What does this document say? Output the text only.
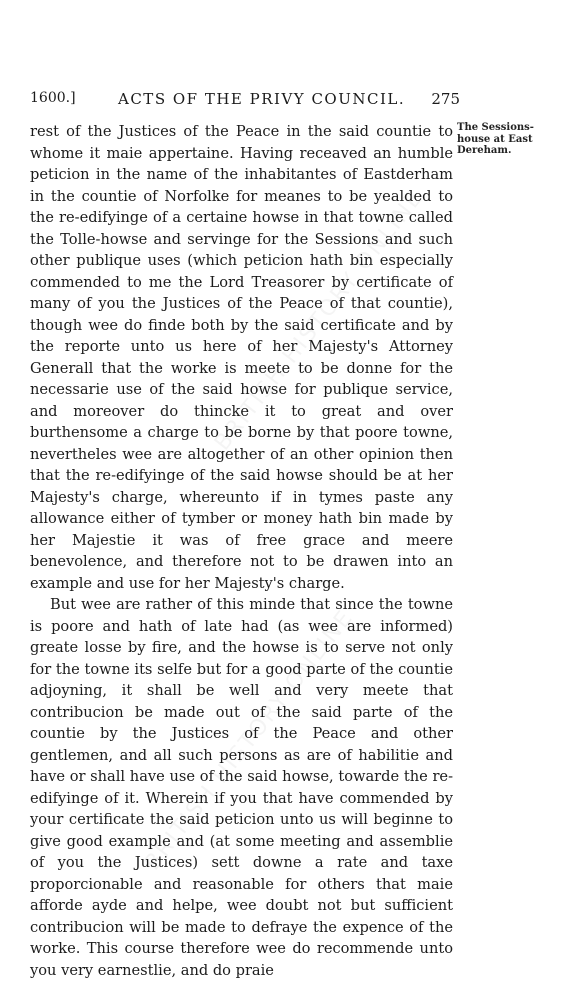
1600.]	ACTS OF THE PRIVY COUNCIL. 275

rest of the Justices of the Peace in the said countie to whome it maie appertaine. Having receaved an humble peticion in the name of the inhabitantes of Eastderham in the countie of Norfolke for meanes to be yealded to the re-edifyinge of a certaine howse in that towne called the Tolle-howse and servinge for the Sessions and such other publique uses (which peticion hath bin especially commended to me the Lord Treasorer by certificate of many of you the Justices of the Peace of that countie), though wee do finde both by the said certificate and by the reporte unto us here of her Majesty's Attorney Generall that the worke is meete to be donne for the necessarie use of the said howse for publique service, and moreover do thincke it to great and over burthensome a charge to be borne by that poore towne, nevertheles wee are altogether of an other opinion then that the re-edifyinge of the said howse should be at her Majesty's charge, whereunto if in tymes paste any allowance either of tymber or money hath bin made by her Majestie it was of free grace and meere benevolence, and therefore not to be drawen into an example and use for her Majesty's charge.

But wee are rather of this minde that since the towne is poore and hath of late had (as wee are informed) greate losse by fire, and the howse is to serve not only for the towne its selfe but for a good parte of the countie adjoyning, it shall be well and very meete that contribucion be made out of the said parte of the countie by the Justices of the Peace and other gentlemen, and all such persons as are of habilitie and have or shall have use of the said howse, towarde the re-edifyinge of it. Wherein if you that have commended by your certificate the said peticion unto us will beginne to give good example and (at some meeting and assemblie of you the Justices) sett downe a rate and taxe proporcionable and reasonable for others that maie afforde ayde and helpe, wee doubt not but sufficient contribucion will be made to defraye the expence of the worke. This course therefore wee do recommende unto you very earnestlie, and do praie

The Sessions-house at East Dereham.
